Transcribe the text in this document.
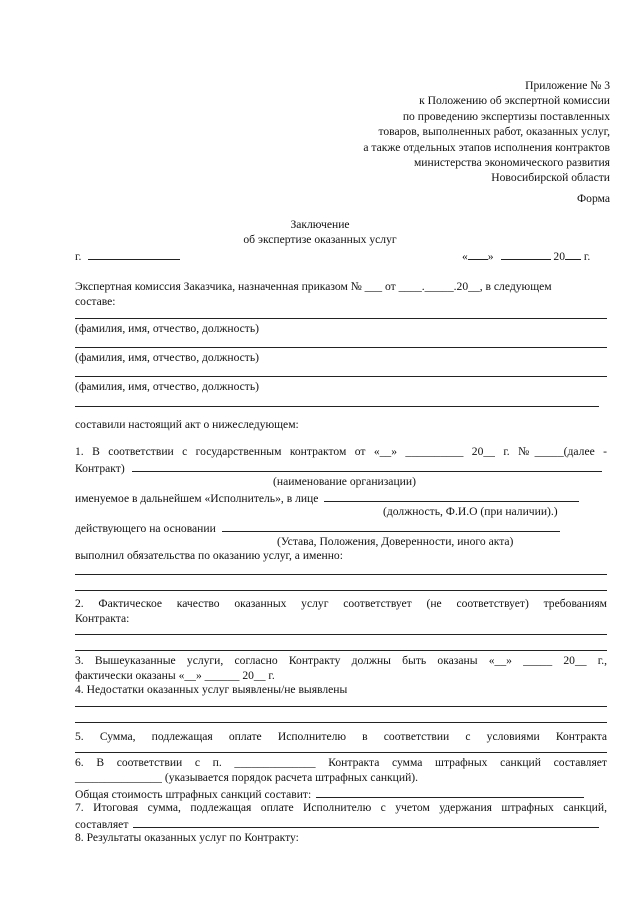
Приложение № 3
к Положению об экспертной комиссии
по проведению экспертизы поставленных
товаров, выполненных работ, оказанных услуг,
а также отдельных этапов исполнения контрактов
министерства экономического развития
Новосибирской области
Форма
Заключение
об экспертизе оказанных услуг
г.	« »	20 г.
Экспертная комиссия Заказчика, назначенная приказом № ___ от ____._____.20__, в следующем
составе:
(фамилия, имя, отчество, должность)
(фамилия, имя, отчество, должность)
(фамилия, имя, отчество, должность)
составили настоящий акт о нижеследующем:
1. В соответствии с государственным контрактом от «__» __________ 20__ г. №_____(далее -
Контракт)
(наименование организации)
именуемое в дальнейшем «Исполнитель», в лице
(должность, Ф.И.О (при наличии).)
действующего на основании
(Устава, Положения, Доверенности, иного акта)
выполнил обязательства по оказанию услуг, а именно:
2. Фактическое качество оказанных услуг соответствует (не соответствует) требованиям
Контракта:
3. Вышеуказанные услуги, согласно Контракту должны быть оказаны «__» _____ 20__ г.,
фактически оказаны «__» ______ 20__ г.
4. Недостатки оказанных услуг выявлены/не выявлены
5. Сумма, подлежащая оплате Исполнителю в соответствии с условиями Контракта
6. В соответствии с п. ______________ Контракта сумма штрафных санкций составляет
_______________ (указывается порядок расчета штрафных санкций).
Общая стоимость штрафных санкций составит:
7. Итоговая сумма, подлежащая оплате Исполнителю с учетом удержания штрафных санкций,
составляет
8. Результаты оказанных услуг по Контракту:
